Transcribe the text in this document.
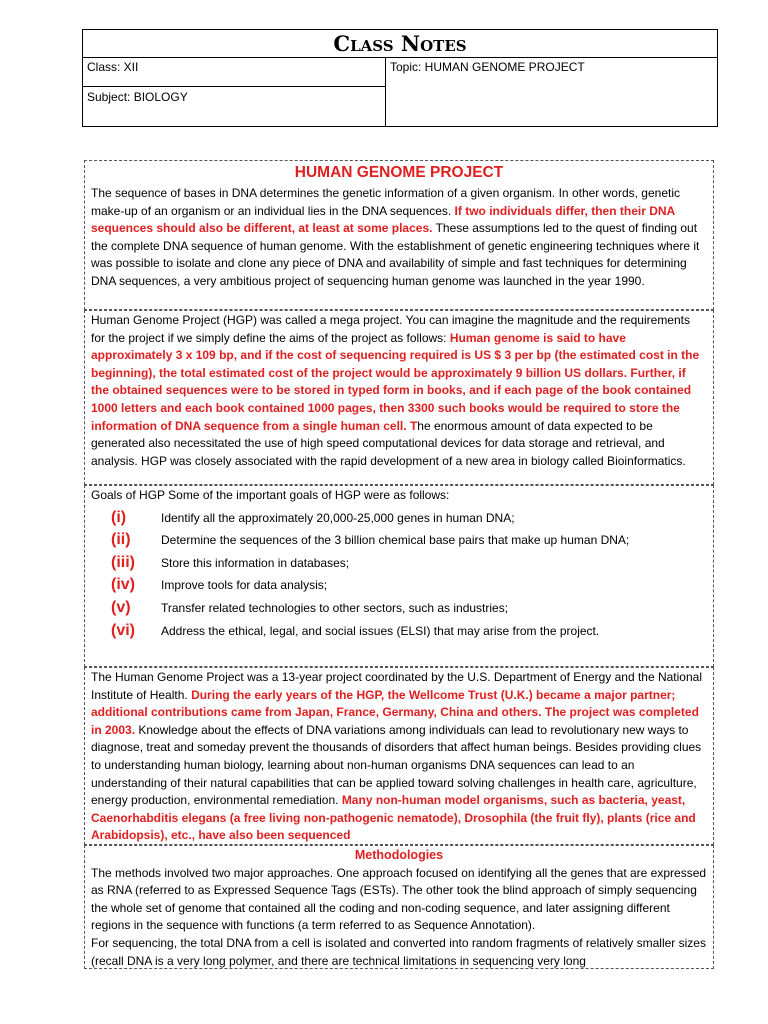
Class Notes
Class: XII
Subject: BIOLOGY
Topic: HUMAN GENOME PROJECT
HUMAN GENOME PROJECT
The sequence of bases in DNA determines the genetic information of a given organism. In other words, genetic make-up of an organism or an individual lies in the DNA sequences. If two individuals differ, then their DNA sequences should also be different, at least at some places. These assumptions led to the quest of finding out the complete DNA sequence of human genome. With the establishment of genetic engineering techniques where it was possible to isolate and clone any piece of DNA and availability of simple and fast techniques for determining DNA sequences, a very ambitious project of sequencing human genome was launched in the year 1990.
Human Genome Project (HGP) was called a mega project. You can imagine the magnitude and the requirements for the project if we simply define the aims of the project as follows: Human genome is said to have approximately 3 x 109 bp, and if the cost of sequencing required is US $ 3 per bp (the estimated cost in the beginning), the total estimated cost of the project would be approximately 9 billion US dollars. Further, if the obtained sequences were to be stored in typed form in books, and if each page of the book contained 1000 letters and each book contained 1000 pages, then 3300 such books would be required to store the information of DNA sequence from a single human cell. The enormous amount of data expected to be generated also necessitated the use of high speed computational devices for data storage and retrieval, and analysis. HGP was closely associated with the rapid development of a new area in biology called Bioinformatics.
Goals of HGP Some of the important goals of HGP were as follows:
(i)	Identify all the approximately 20,000-25,000 genes in human DNA;
(ii)	Determine the sequences of the 3 billion chemical base pairs that make up human DNA;
(iii)	Store this information in databases;
(iv)	Improve tools for data analysis;
(v)	Transfer related technologies to other sectors, such as industries;
(vi)	Address the ethical, legal, and social issues (ELSI) that may arise from the project.
The Human Genome Project was a 13-year project coordinated by the U.S. Department of Energy and the National Institute of Health. During the early years of the HGP, the Wellcome Trust (U.K.) became a major partner; additional contributions came from Japan, France, Germany, China and others. The project was completed in 2003. Knowledge about the effects of DNA variations among individuals can lead to revolutionary new ways to diagnose, treat and someday prevent the thousands of disorders that affect human beings. Besides providing clues to understanding human biology, learning about non-human organisms DNA sequences can lead to an understanding of their natural capabilities that can be applied toward solving challenges in health care, agriculture, energy production, environmental remediation. Many non-human model organisms, such as bacteria, yeast, Caenorhabditis elegans (a free living non-pathogenic nematode), Drosophila (the fruit fly), plants (rice and Arabidopsis), etc., have also been sequenced
Methodologies
The methods involved two major approaches. One approach focused on identifying all the genes that are expressed as RNA (referred to as Expressed Sequence Tags (ESTs). The other took the blind approach of simply sequencing the whole set of genome that contained all the coding and non-coding sequence, and later assigning different regions in the sequence with functions (a term referred to as Sequence Annotation).
For sequencing, the total DNA from a cell is isolated and converted into random fragments of relatively smaller sizes (recall DNA is a very long polymer, and there are technical limitations in sequencing very long
